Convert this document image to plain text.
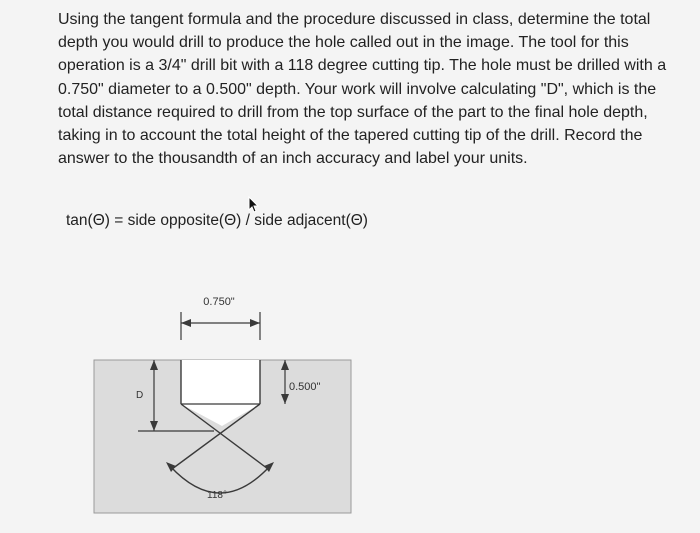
Using the tangent formula and the procedure discussed in class, determine the total depth you would drill to produce the hole called out in the image. The tool for this operation is a 3/4" drill bit with a 118 degree cutting tip. The hole must be drilled with a 0.750" diameter to a 0.500" depth. Your work will involve calculating "D", which is the total distance required to drill from the top surface of the part to the final hole depth, taking in to account the total height of the tapered cutting tip of the drill. Record the answer to the thousandth of an inch accuracy and label your units.

tan(Θ) = side opposite(Θ) / side adjacent(Θ)
0.750"
0.500"
D
118°
